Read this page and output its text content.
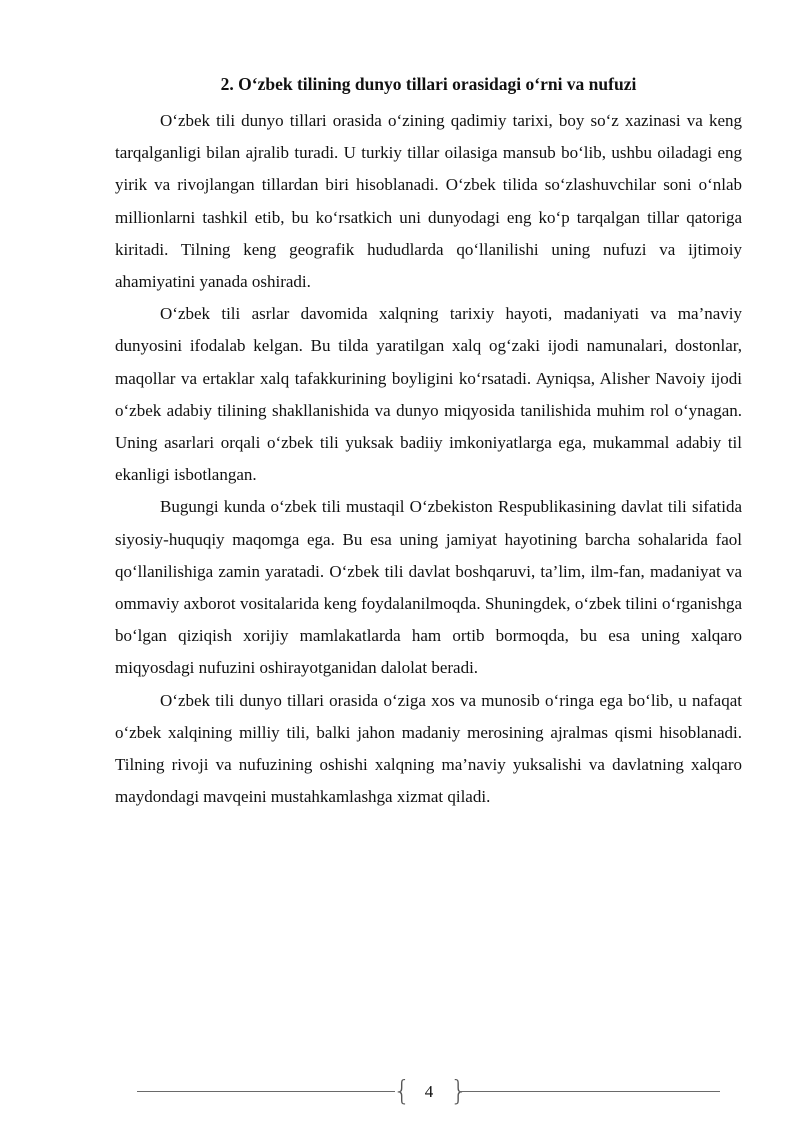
2. O‘zbek tilining dunyo tillari orasidagi o‘rni va nufuzi

O‘zbek tili dunyo tillari orasida o‘zining qadimiy tarixi, boy so‘z xazinasi va keng tarqalganligi bilan ajralib turadi. U turkiy tillar oilasiga mansub bo‘lib, ushbu oiladagi eng yirik va rivojlangan tillardan biri hisoblanadi. O‘zbek tilida so‘zlashuvchilar soni o‘nlab millionlarni tashkil etib, bu ko‘rsatkich uni dunyodagi eng ko‘p tarqalgan tillar qatoriga kiritadi. Tilning keng geografik hududlarda qo‘llanilishi uning nufuzi va ijtimoiy ahamiyatini yanada oshiradi.

O‘zbek tili asrlar davomida xalqning tarixiy hayoti, madaniyati va ma’naviy dunyosini ifodalab kelgan. Bu tilda yaratilgan xalq og‘zaki ijodi namunalari, dostonlar, maqollar va ertaklar xalq tafakkurining boyligini ko‘rsatadi. Ayniqsa, Alisher Navoiy ijodi o‘zbek adabiy tilining shakllanishida va dunyo miqyosida tanilishida muhim rol o‘ynagan. Uning asarlari orqali o‘zbek tili yuksak badiiy imkoniyatlarga ega, mukammal adabiy til ekanligi isbotlangan.

Bugungi kunda o‘zbek tili mustaqil O‘zbekiston Respublikasining davlat tili sifatida siyosiy-huquqiy maqomga ega. Bu esa uning jamiyat hayotining barcha sohalarida faol qo‘llanilishiga zamin yaratadi. O‘zbek tili davlat boshqaruvi, ta’lim, ilm-fan, madaniyat va ommaviy axborot vositalarida keng foydalanilmoqda. Shuningdek, o‘zbek tilini o‘rganishga bo‘lgan qiziqish xorijiy mamlakatlarda ham ortib bormoqda, bu esa uning xalqaro miqyosdagi nufuzini oshirayotganidan dalolat beradi.

O‘zbek tili dunyo tillari orasida o‘ziga xos va munosib o‘ringa ega bo‘lib, u nafaqat o‘zbek xalqining milliy tili, balki jahon madaniy merosining ajralmas qismi hisoblanadi. Tilning rivoji va nufuzining oshishi xalqning ma’naviy yuksalishi va davlatning xalqaro maydondagi mavqeini mustahkamlashga xizmat qiladi.

{ 4 }
